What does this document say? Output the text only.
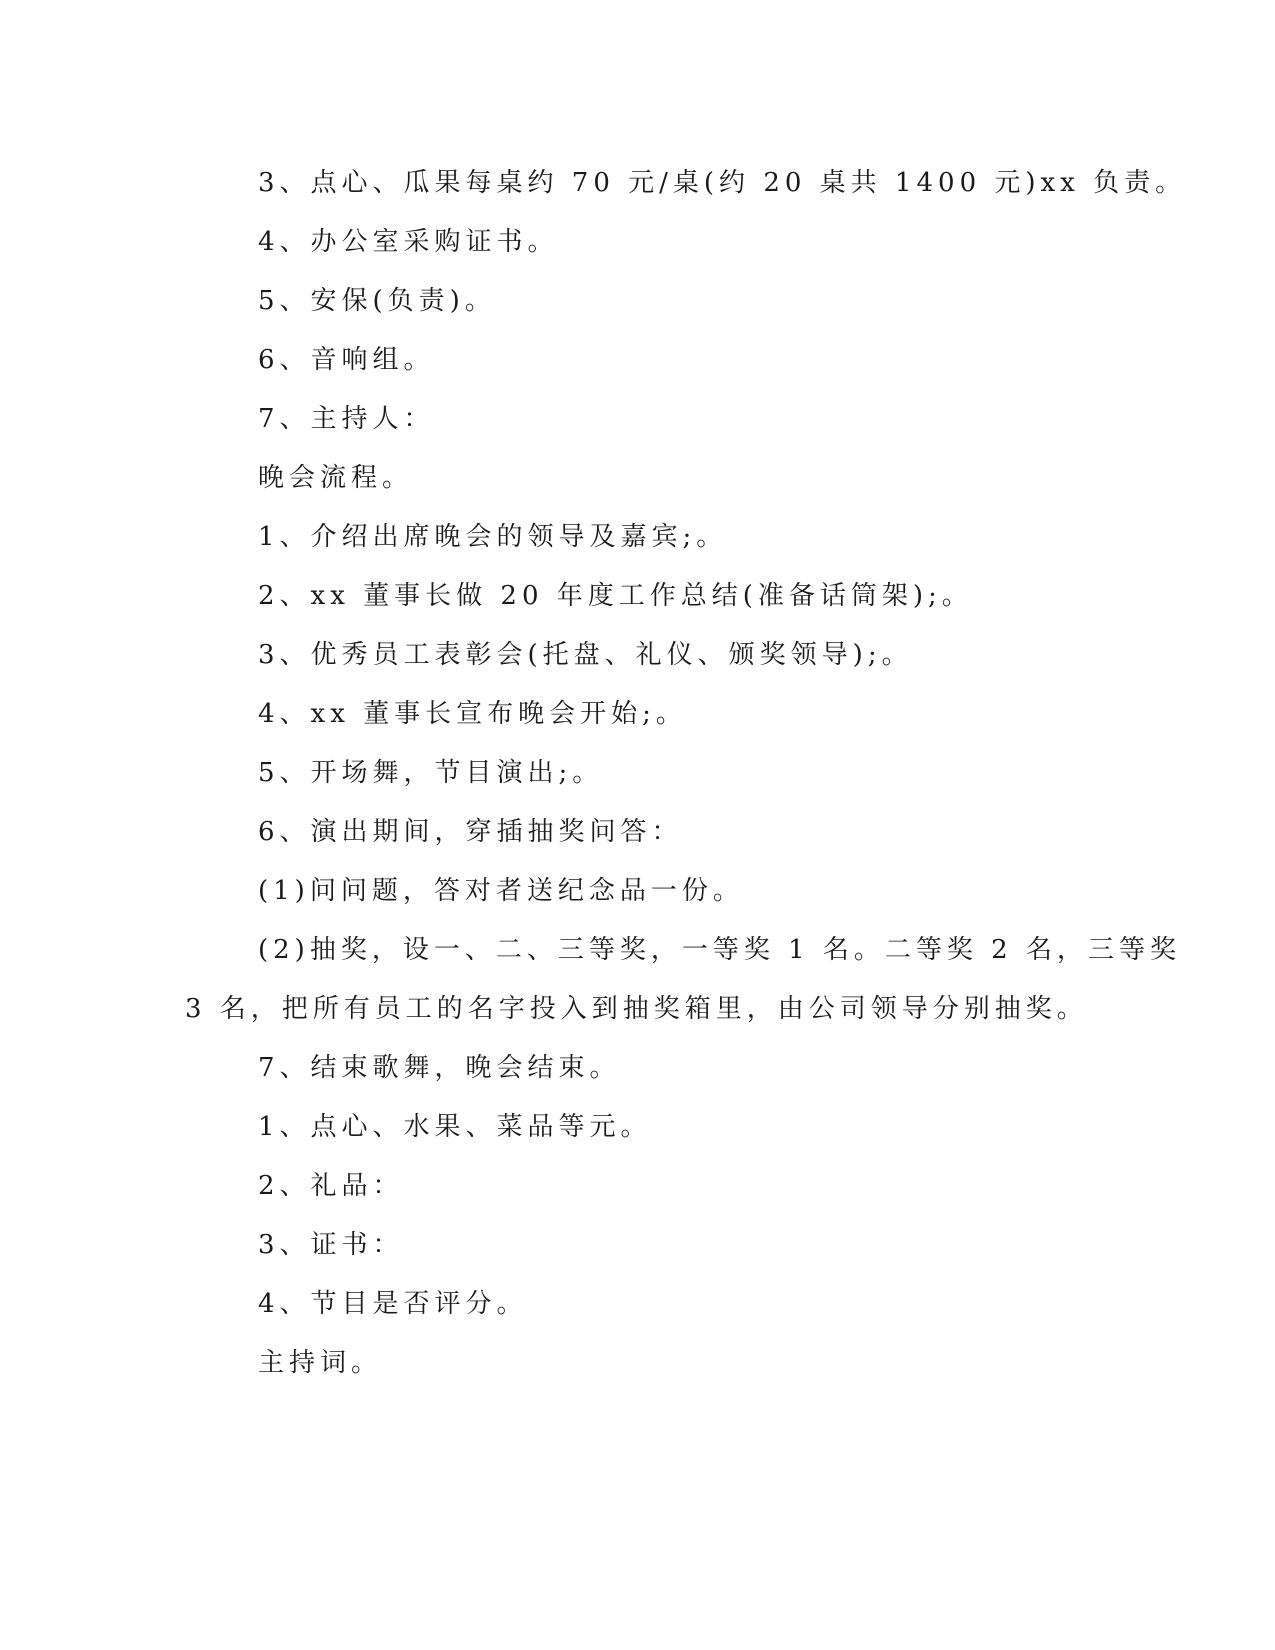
3、点心、瓜果每桌约 70 元/桌(约 20 桌共 1400 元)xx 负责。
4、办公室采购证书。
5、安保(负责)。
6、音响组。
7、主持人：
晚会流程。
1、介绍出席晚会的领导及嘉宾;。
2、xx 董事长做 20 年度工作总结(准备话筒架);。
3、优秀员工表彰会(托盘、礼仪、颁奖领导);。
4、xx 董事长宣布晚会开始;。
5、开场舞，节目演出;。
6、演出期间，穿插抽奖问答：
(1)问问题，答对者送纪念品一份。
(2)抽奖，设一、二、三等奖，一等奖 1 名。二等奖 2 名，三等奖
3 名，把所有员工的名字投入到抽奖箱里，由公司领导分别抽奖。
7、结束歌舞，晚会结束。
1、点心、水果、菜品等元。
2、礼品：
3、证书：
4、节目是否评分。
主持词。
